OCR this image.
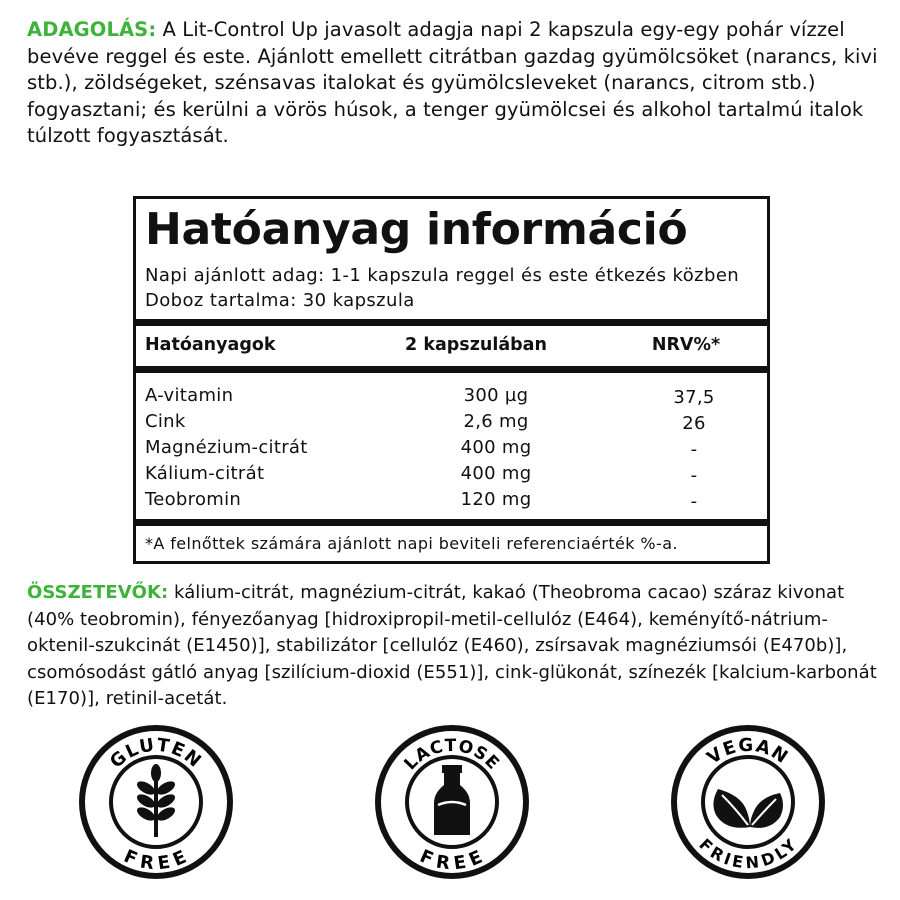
ADAGOLÁS: A Lit-Control Up javasolt adagja napi 2 kapszula egy-egy pohár vízzel bevéve reggel és este. Ajánlott emellett citrátban gazdag gyümölcsöket (narancs, kivi stb.), zöldségeket, szénsavas italokat és gyümölcsleveket (narancs, citrom stb.) fogyasztani; és kerülni a vörös húsok, a tenger gyümölcsei és alkohol tartalmú italok túlzott fogyasztását.
Hatóanyag információ
Napi ajánlott adag: 1-1 kapszula reggel és este étkezés közben
Doboz tartalma: 30 kapszula
Hatóanyagok	2 kapszulában	NRV%*
A-vitamin	300 µg	37,5
Cink	2,6 mg	26
Magnézium-citrát	400 mg	-
Kálium-citrát	400 mg	-
Teobromin	120 mg	-
*A felnőttek számára ajánlott napi beviteli referenciaérték %-a.
ÖSSZETEVŐK: kálium-citrát, magnézium-citrát, kakaó (Theobroma cacao) száraz kivonat (40% teobromin), fényezőanyag [hidroxipropil-metil-cellulóz (E464), keményítő-nátrium-oktenil-szukcinát (E1450)], stabilizátor [cellulóz (E460), zsírsavak magnéziumsói (E470b)], csomósodást gátló anyag [szilícium-dioxid (E551)], cink-glükonát, színezék [kalcium-karbonát (E170)], retinil-acetát.
GLUTEN
FREE
LACTOSE
FREE
VEGAN
FRIENDLY
